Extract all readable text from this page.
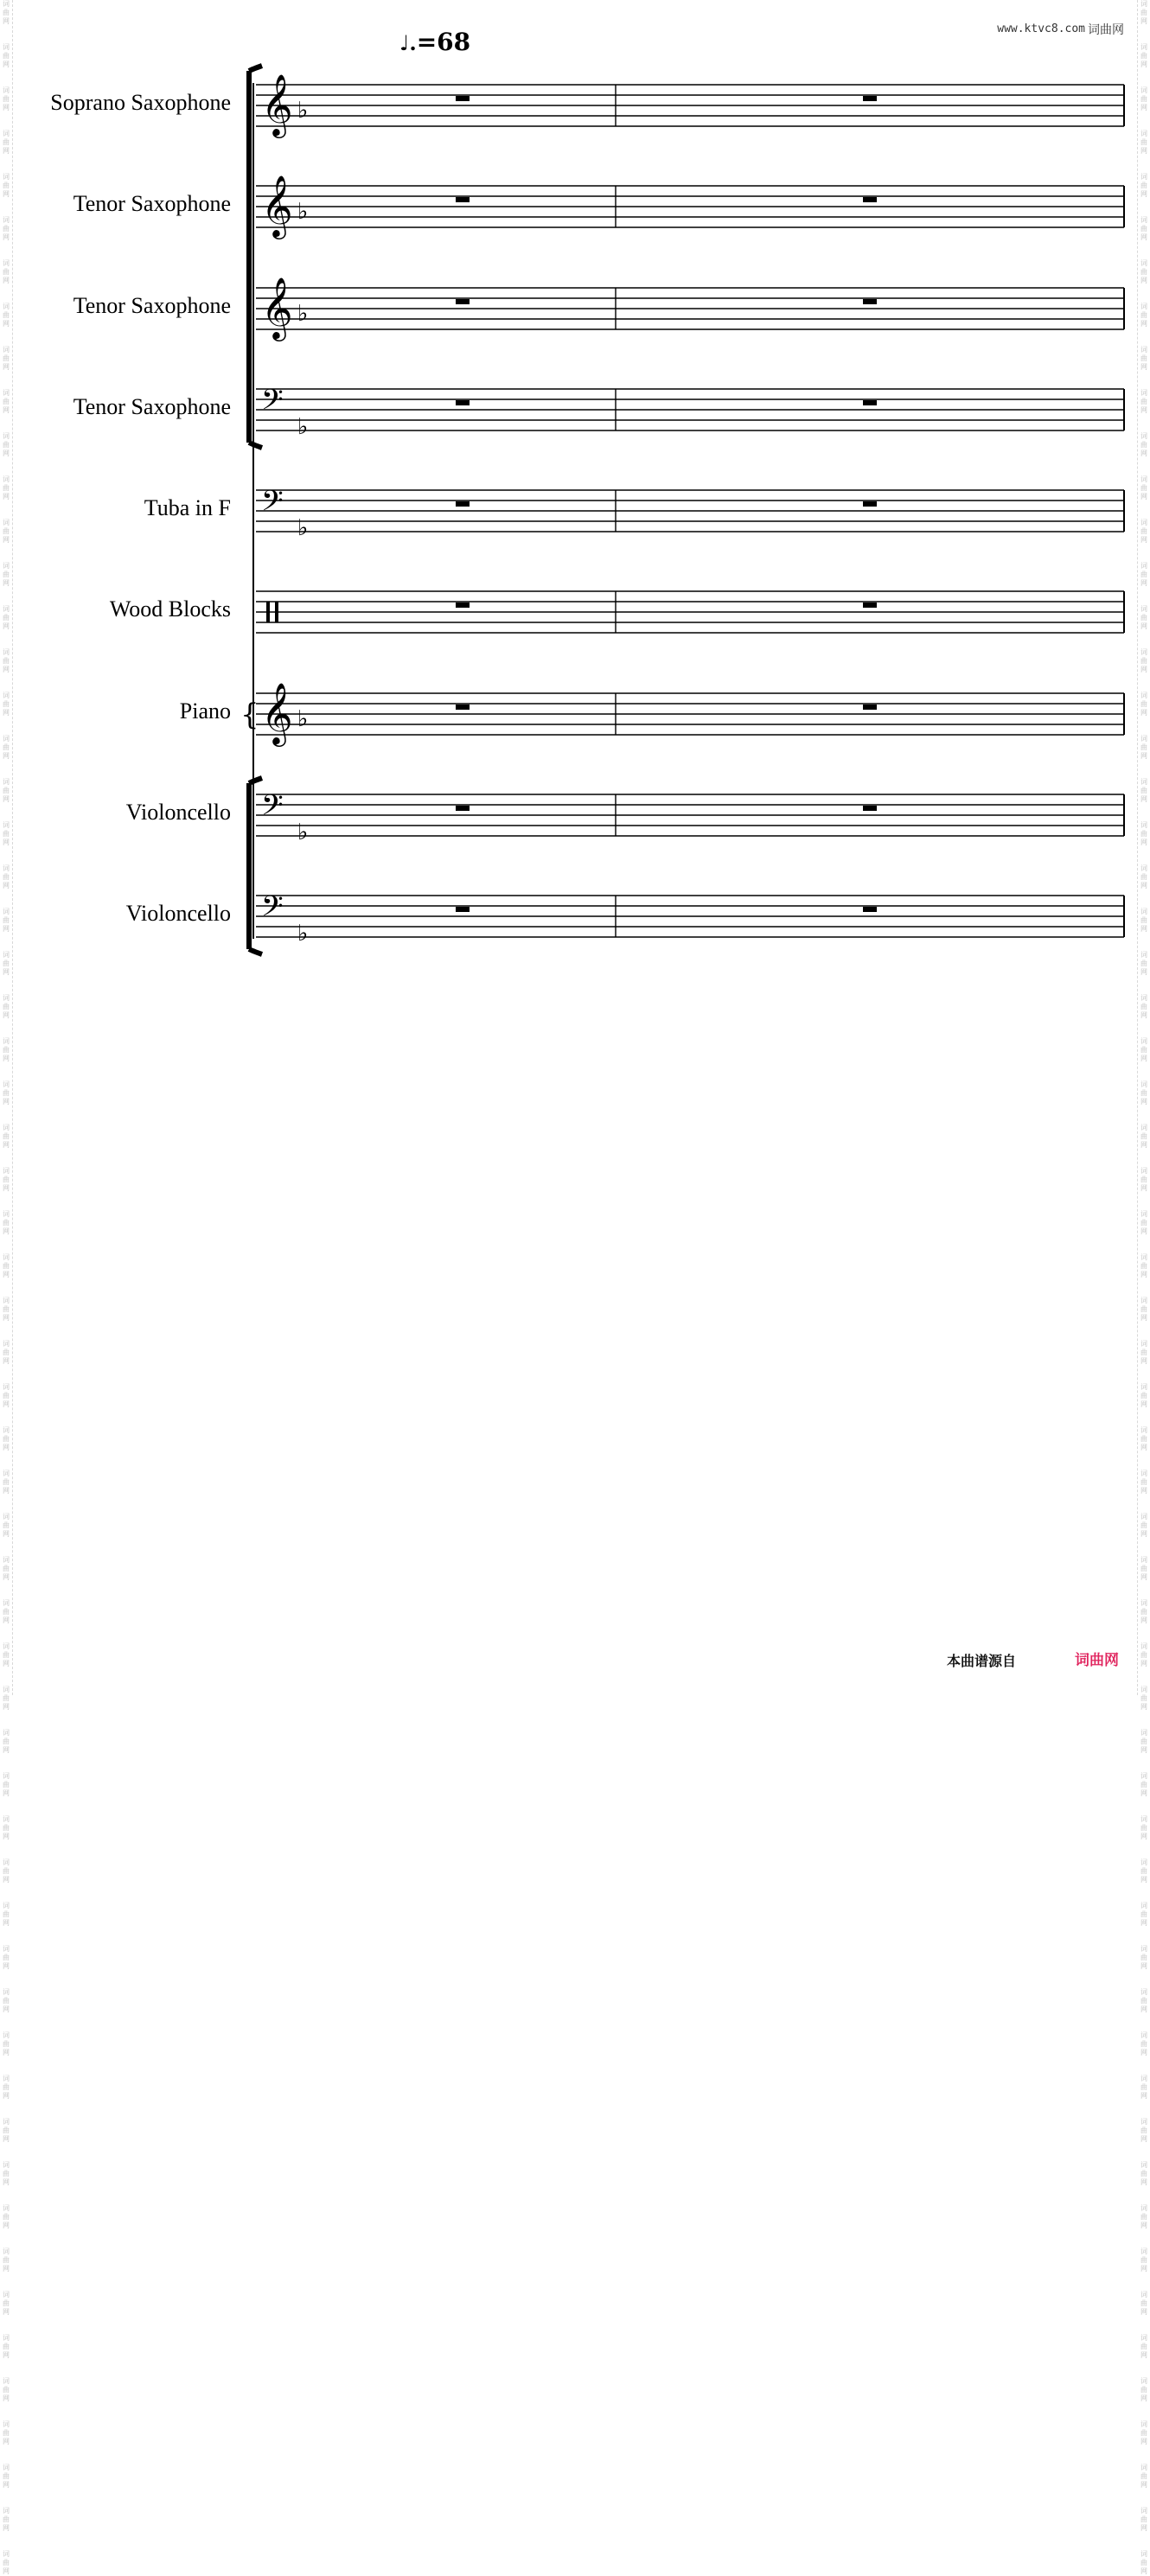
词
曲
网

词
曲
网

词
曲
网

词
曲
网

词
曲
网

词
曲
网

词
曲
网

词
曲
网

词
曲
网

词
曲
网

词
曲
网

词
曲
网

词
曲
网

词
曲
网

词
曲
网

词
曲
网

词
曲
网

词
曲
网

词
曲
网

词
曲
网

词
曲
网

词
曲
网

词
曲
网

词
曲
网

词
曲
网

词
曲
网

词
曲
网

词
曲
网

词
曲
网

词
曲
网

词
曲
网

词
曲
网

词
曲
网

词
曲
网

词
曲
网

词
曲
网

词
曲
网

词
曲
网

词
曲
网

词
曲
网

词
曲
网

词
曲
网

词
曲
网

词
曲
网

词
曲
网

词
曲
网

词
曲
网

词
曲
网

词
曲
网

词
曲
网

词
曲
网

词
曲
网

词
曲
网

词
曲
网

词
曲
网

词
曲
网

词
曲
网

词
曲
网

词
曲
网

词
曲
网

词
曲
网

词
曲
网

词
曲
网

词
曲
网

词
曲
网

词
曲
网

词
曲
网

词
曲
网

词
曲
网

词
曲
网

词
曲
网

词
曲
网

词
曲
网

词
曲
网

词
曲
网

词
曲
网

词
曲
网

词
曲
网

词
曲
网

词
曲
网

词
曲
网

词
曲
网

词
曲
网

词
曲
网

词
曲
网

词
曲
网

词
曲
网

词
曲
网

词
曲
网

词
曲
网

词
曲
网

词
曲
网

词
曲
网

词
曲
网

词
曲
网

词
曲
网

词
曲
网

词
曲
网

词
曲
网

词
曲
网

词
曲
网

词
曲
网

词
曲
网

词
曲
网

词
曲
网

词
曲
网

词
曲
网

词
曲
网

词
曲
网

词
曲
网

词
曲
网

词
曲
网

词
曲
网

词
曲
网

词
曲
网

词
曲
网

词
曲
网

词
曲
网

词
曲
网

词
曲
网

www.ktvc8.com 词曲网
♩.=68
Soprano Saxophone
Tenor Saxophone
Tenor Saxophone
Tenor Saxophone
Tuba in F
Wood Blocks
Piano
Violoncello
Violoncello
𝄞 ♭
𝄞 ♭
𝄞 ♭
𝄢
♭
𝄢
♭
𝄞 ♭
𝄢
♭
𝄢
♭
{
本曲谱源自	词曲网
